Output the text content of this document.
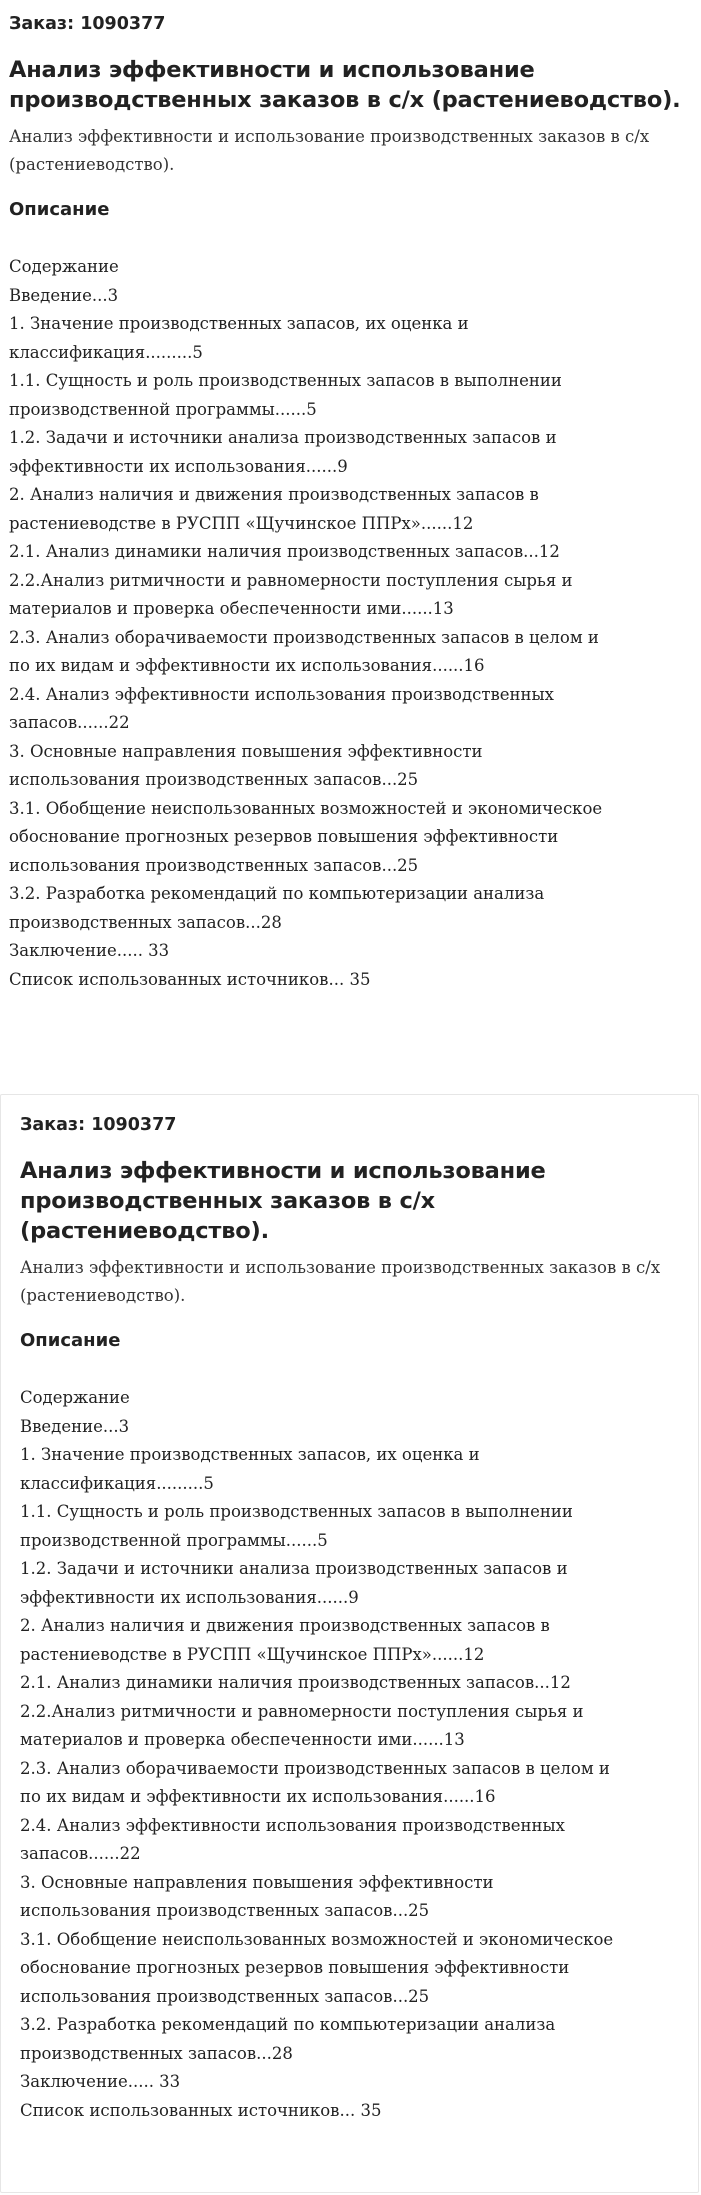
Заказ: 1090377
Анализ эффективности и использование производственных заказов в с/х (растениеводство).
Анализ эффективности и использование производственных заказов в с/х (растениеводство).
Описание
Содержание
Введение...3
1. Значение производственных запасов, их оценка и
классификация.........5
1.1. Сущность и роль производственных запасов в выполнении
производственной программы......5
1.2. Задачи и источники анализа производственных запасов и
эффективности их использования......9
2. Анализ наличия и движения производственных запасов в
растениеводстве в РУСПП «Щучинское ППРх»......12
2.1. Анализ динамики наличия производственных запасов...12
2.2.Анализ ритмичности и равномерности поступления сырья и
материалов и проверка обеспеченности ими......13
2.3. Анализ оборачиваемости производственных запасов в целом и
по их видам и эффективности их использования......16
2.4. Анализ эффективности использования производственных
запасов......22
3. Основные направления повышения эффективности
использования производственных запасов...25
3.1. Обобщение неиспользованных возможностей и экономическое
обоснование прогнозных резервов повышения эффективности
использования производственных запасов...25
3.2. Разработка рекомендаций по компьютеризации анализа
производственных запасов...28
Заключение..... 33
Список использованных источников... 35
Заказ: 1090377
Анализ эффективности и использование производственных заказов в с/х (растениеводство).
Анализ эффективности и использование производственных заказов в с/х (растениеводство).
Описание
Содержание
Введение...3
1. Значение производственных запасов, их оценка и
классификация.........5
1.1. Сущность и роль производственных запасов в выполнении
производственной программы......5
1.2. Задачи и источники анализа производственных запасов и
эффективности их использования......9
2. Анализ наличия и движения производственных запасов в
растениеводстве в РУСПП «Щучинское ППРх»......12
2.1. Анализ динамики наличия производственных запасов...12
2.2.Анализ ритмичности и равномерности поступления сырья и
материалов и проверка обеспеченности ими......13
2.3. Анализ оборачиваемости производственных запасов в целом и
по их видам и эффективности их использования......16
2.4. Анализ эффективности использования производственных
запасов......22
3. Основные направления повышения эффективности
использования производственных запасов...25
3.1. Обобщение неиспользованных возможностей и экономическое
обоснование прогнозных резервов повышения эффективности
использования производственных запасов...25
3.2. Разработка рекомендаций по компьютеризации анализа
производственных запасов...28
Заключение..... 33
Список использованных источников... 35
